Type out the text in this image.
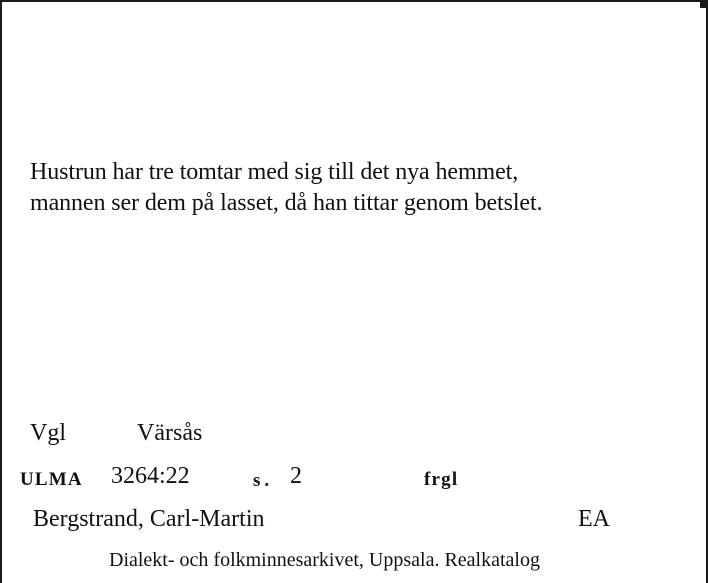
Hustrun har tre tomtar med sig till det nya hemmet,
mannen ser dem på lasset, då han tittar genom betslet.
Vgl	Värsås
ULMA 3264:22	s. 2	frgl
Bergstrand, Carl-Martin	EA
Dialekt- och folkminnesarkivet, Uppsala. Realkatalog
